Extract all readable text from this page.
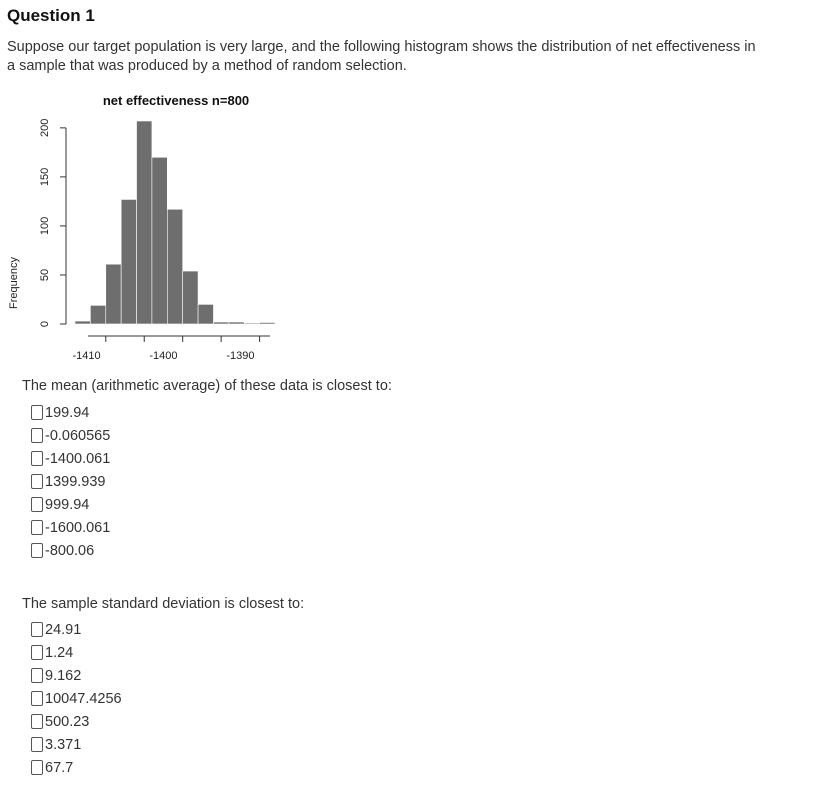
Question 1
Suppose our target population is very large, and the following histogram shows the distribution of net effectiveness in a sample that was produced by a method of random selection.
net effectiveness n=800
Frequency
-1410	-1400	-1390
0
50
100
150
200
The mean (arithmetic average) of these data is closest to:
199.94
-0.060565
-1400.061
1399.939
999.94
-1600.061
-800.06
The sample standard deviation is closest to:
24.91
1.24
9.162
10047.4256
500.23
3.371
67.7
